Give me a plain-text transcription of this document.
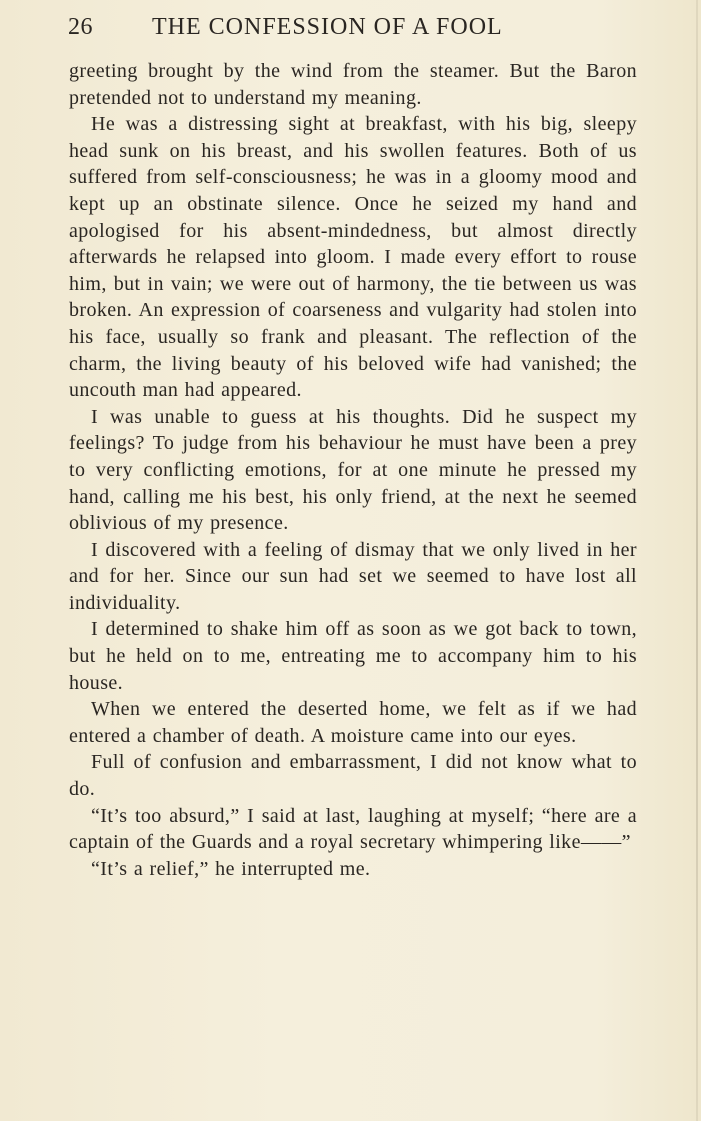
26 THE CONFESSION OF A FOOL

greeting brought by the wind from the steamer. But the Baron pretended not to understand my meaning.

He was a distressing sight at breakfast, with his big, sleepy head sunk on his breast, and his swollen features. Both of us suffered from self-consciousness; he was in a gloomy mood and kept up an obstinate silence. Once he seized my hand and apologised for his absent-mindedness, but almost directly afterwards he relapsed into gloom. I made every effort to rouse him, but in vain; we were out of harmony, the tie between us was broken. An expression of coarseness and vulgarity had stolen into his face, usually so frank and pleasant. The reflection of the charm, the living beauty of his beloved wife had vanished; the uncouth man had appeared.

I was unable to guess at his thoughts. Did he suspect my feelings? To judge from his behaviour he must have been a prey to very conflicting emotions, for at one minute he pressed my hand, calling me his best, his only friend, at the next he seemed oblivious of my presence.

I discovered with a feeling of dismay that we only lived in her and for her. Since our sun had set we seemed to have lost all individuality.

I determined to shake him off as soon as we got back to town, but he held on to me, entreating me to accompany him to his house.

When we entered the deserted home, we felt as if we had entered a chamber of death. A moisture came into our eyes.

Full of confusion and embarrassment, I did not know what to do.

“It’s too absurd,” I said at last, laughing at myself; “here are a captain of the Guards and a royal secretary whimpering like——”

“It’s a relief,” he interrupted me.
